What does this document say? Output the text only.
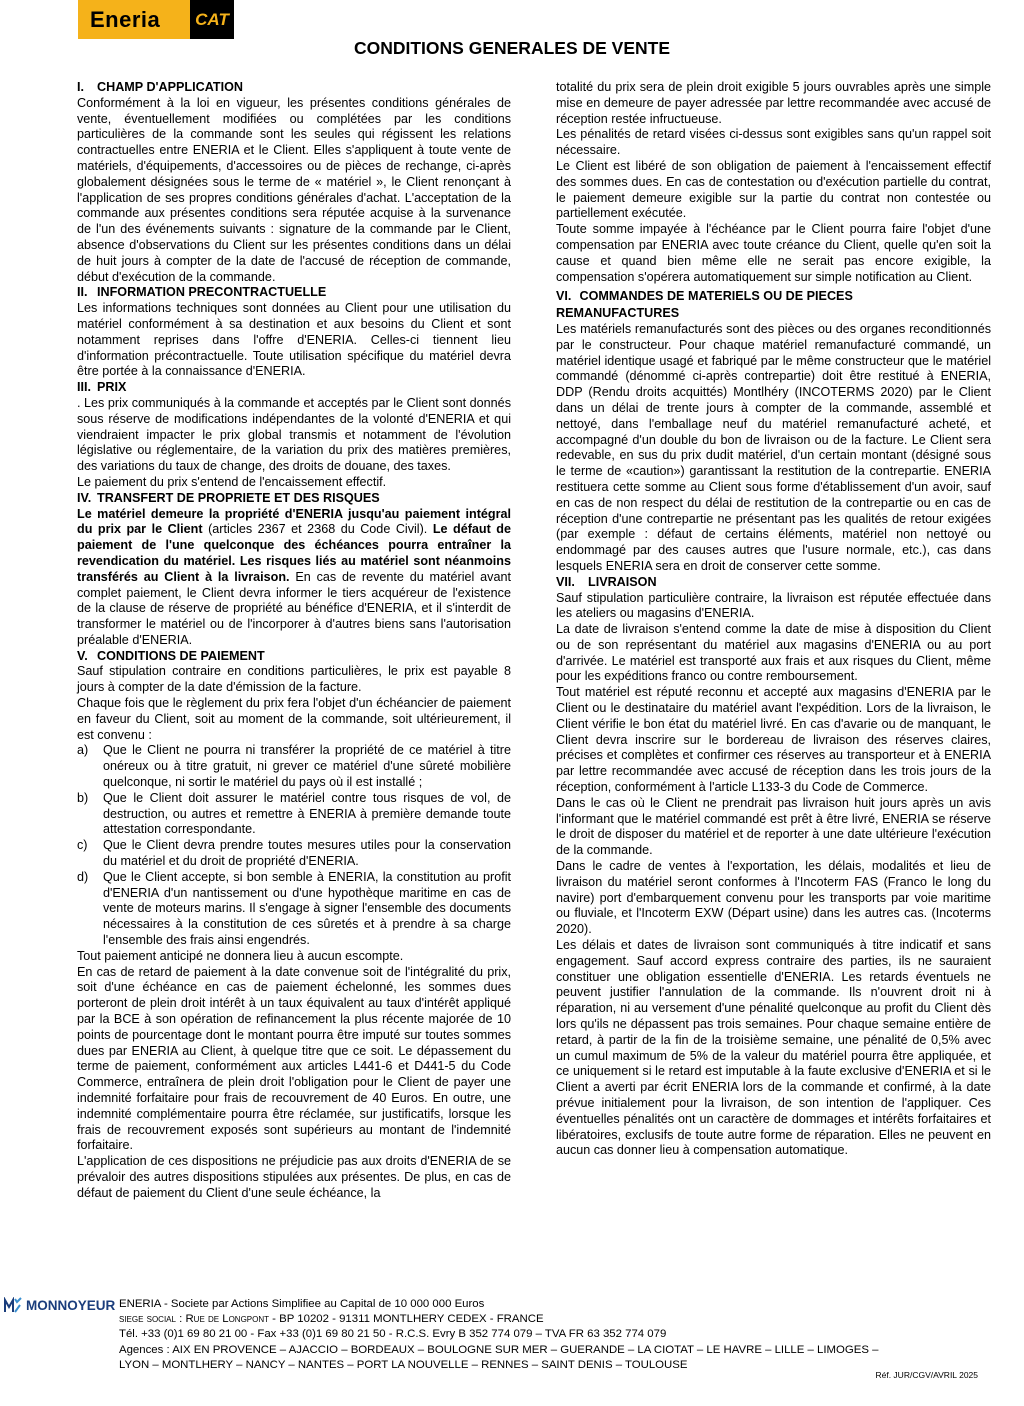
Eneria	CAT
CONDITIONS GENERALES DE VENTE
I. CHAMP D'APPLICATION

Conformément à la loi en vigueur, les présentes conditions générales de vente, éventuellement modifiées ou complétées par les conditions particulières de la commande sont les seules qui régissent les relations contractuelles entre ENERIA et le Client. Elles s'appliquent à toute vente de matériels, d'équipements, d'accessoires ou de pièces de rechange, ci-après globalement désignées sous le terme de « matériel », le Client renonçant à l'application de ses propres conditions générales d'achat. L'acceptation de la commande aux présentes conditions sera réputée acquise à la survenance de l'un des événements suivants : signature de la commande par le Client, absence d'observations du Client sur les présentes conditions dans un délai de huit jours à compter de la date de l'accusé de réception de commande, début d'exécution de la commande.

II. INFORMATION PRECONTRACTUELLE

Les informations techniques sont données au Client pour une utilisation du matériel conformément à sa destination et aux besoins du Client et sont notamment reprises dans l'offre d'ENERIA. Celles-ci tiennent lieu d'information précontractuelle. Toute utilisation spécifique du matériel devra être portée à la connaissance d'ENERIA.

III. PRIX

. Les prix communiqués à la commande et acceptés par le Client sont donnés sous réserve de modifications indépendantes de la volonté d'ENERIA et qui viendraient impacter le prix global transmis et notamment de l'évolution législative ou réglementaire, de la variation du prix des matières premières, des variations du taux de change, des droits de douane, des taxes.

Le paiement du prix s'entend de l'encaissement effectif.

IV. TRANSFERT DE PROPRIETE ET DES RISQUES

Le matériel demeure la propriété d'ENERIA jusqu'au paiement intégral du prix par le Client (articles 2367 et 2368 du Code Civil). Le défaut de paiement de l'une quelconque des échéances pourra entraîner la revendication du matériel. Les risques liés au matériel sont néanmoins transférés au Client à la livraison. En cas de revente du matériel avant complet paiement, le Client devra informer le tiers acquéreur de l'existence de la clause de réserve de propriété au bénéfice d'ENERIA, et il s'interdit de transformer le matériel ou de l'incorporer à d'autres biens sans l'autorisation préalable d'ENERIA.

V. CONDITIONS DE PAIEMENT

Sauf stipulation contraire en conditions particulières, le prix est payable 8 jours à compter de la date d'émission de la facture.

Chaque fois que le règlement du prix fera l'objet d'un échéancier de paiement en faveur du Client, soit au moment de la commande, soit ultérieurement, il est convenu :

a)	Que le Client ne pourra ni transférer la propriété de ce matériel à titre onéreux ou à titre gratuit, ni grever ce matériel d'une sûreté mobilière quelconque, ni sortir le matériel du pays où il est installé ;
b)	Que le Client doit assurer le matériel contre tous risques de vol, de destruction, ou autres et remettre à ENERIA à première demande toute attestation correspondante.
c)	Que le Client devra prendre toutes mesures utiles pour la conservation du matériel et du droit de propriété d'ENERIA.
d)	Que le Client accepte, si bon semble à ENERIA, la constitution au profit d'ENERIA d'un nantissement ou d'une hypothèque maritime en cas de vente de moteurs marins. Il s'engage à signer l'ensemble des documents nécessaires à la constitution de ces sûretés et à prendre à sa charge l'ensemble des frais ainsi engendrés.

Tout paiement anticipé ne donnera lieu à aucun escompte.

En cas de retard de paiement à la date convenue soit de l'intégralité du prix, soit d'une échéance en cas de paiement échelonné, les sommes dues porteront de plein droit intérêt à un taux équivalent au taux d'intérêt appliqué par la BCE à son opération de refinancement la plus récente majorée de 10 points de pourcentage dont le montant pourra être imputé sur toutes sommes dues par ENERIA au Client, à quelque titre que ce soit. Le dépassement du terme de paiement, conformément aux articles L441-6 et D441-5 du Code Commerce, entraînera de plein droit l'obligation pour le Client de payer une indemnité forfaitaire pour frais de recouvrement de 40 Euros. En outre, une indemnité complémentaire pourra être réclamée, sur justificatifs, lorsque les frais de recouvrement exposés sont supérieurs au montant de l'indemnité forfaitaire.

L'application de ces dispositions ne préjudicie pas aux droits d'ENERIA de se prévaloir des autres dispositions stipulées aux présentes. De plus, en cas de défaut de paiement du Client d'une seule échéance, la

totalité du prix sera de plein droit exigible 5 jours ouvrables après une simple mise en demeure de payer adressée par lettre recommandée avec accusé de réception restée infructueuse.

Les pénalités de retard visées ci-dessus sont exigibles sans qu'un rappel soit nécessaire.

Le Client est libéré de son obligation de paiement à l'encaissement effectif des sommes dues. En cas de contestation ou d'exécution partielle du contrat, le paiement demeure exigible sur la partie du contrat non contestée ou partiellement exécutée.

Toute somme impayée à l'échéance par le Client pourra faire l'objet d'une compensation par ENERIA avec toute créance du Client, quelle qu'en soit la cause et quand bien même elle ne serait pas encore exigible, la compensation s'opérera automatiquement sur simple notification au Client.

VI. COMMANDES DE MATERIELS OU DE PIECES
REMANUFACTURES

Les matériels remanufacturés sont des pièces ou des organes reconditionnés par le constructeur. Pour chaque matériel remanufacturé commandé, un matériel identique usagé et fabriqué par le même constructeur que le matériel commandé (dénommé ci-après contrepartie) doit être restitué à ENERIA, DDP (Rendu droits acquittés) Montlhéry (INCOTERMS 2020) par le Client dans un délai de trente jours à compter de la commande, assemblé et nettoyé, dans l'emballage neuf du matériel remanufacturé acheté, et accompagné d'un double du bon de livraison ou de la facture. Le Client sera redevable, en sus du prix dudit matériel, d'un certain montant (désigné sous le terme de «caution») garantissant la restitution de la contrepartie. ENERIA restituera cette somme au Client sous forme d'établissement d'un avoir, sauf en cas de non respect du délai de restitution de la contrepartie ou en cas de réception d'une contrepartie ne présentant pas les qualités de retour exigées (par exemple : défaut de certains éléments, matériel non nettoyé ou endommagé par des causes autres que l'usure normale, etc.), cas dans lesquels ENERIA sera en droit de conserver cette somme.

VII. LIVRAISON

Sauf stipulation particulière contraire, la livraison est réputée effectuée dans les ateliers ou magasins d'ENERIA.

La date de livraison s'entend comme la date de mise à disposition du Client ou de son représentant du matériel aux magasins d'ENERIA ou au port d'arrivée. Le matériel est transporté aux frais et aux risques du Client, même pour les expéditions franco ou contre remboursement.

Tout matériel est réputé reconnu et accepté aux magasins d'ENERIA par le Client ou le destinataire du matériel avant l'expédition. Lors de la livraison, le Client vérifie le bon état du matériel livré. En cas d'avarie ou de manquant, le Client devra inscrire sur le bordereau de livraison des réserves claires, précises et complètes et confirmer ces réserves au transporteur et à ENERIA par lettre recommandée avec accusé de réception dans les trois jours de la réception, conformément à l'article L133-3 du Code de Commerce.

Dans le cas où le Client ne prendrait pas livraison huit jours après un avis l'informant que le matériel commandé est prêt à être livré, ENERIA se réserve le droit de disposer du matériel et de reporter à une date ultérieure l'exécution de la commande.

Dans le cadre de ventes à l'exportation, les délais, modalités et lieu de livraison du matériel seront conformes à l'Incoterm FAS (Franco le long du navire) port d'embarquement convenu pour les transports par voie maritime ou fluviale, et l'Incoterm EXW (Départ usine) dans les autres cas. (Incoterms 2020).

Les délais et dates de livraison sont communiqués à titre indicatif et sans engagement. Sauf accord express contraire des parties, ils ne sauraient constituer une obligation essentielle d'ENERIA. Les retards éventuels ne peuvent justifier l'annulation de la commande. Ils n'ouvrent droit ni à réparation, ni au versement d'une pénalité quelconque au profit du Client dès lors qu'ils ne dépassent pas trois semaines. Pour chaque semaine entière de retard, à partir de la fin de la troisième semaine, une pénalité de 0,5% avec un cumul maximum de 5% de la valeur du matériel pourra être appliquée, et ce uniquement si le retard est imputable à la faute exclusive d'ENERIA et si le Client a averti par écrit ENERIA lors de la commande et confirmé, à la date prévue initialement pour la livraison, de son intention de l'appliquer. Ces éventuelles pénalités ont un caractère de dommages et intérêts forfaitaires et libératoires, exclusifs de toute autre forme de réparation. Elles ne peuvent en aucun cas donner lieu à compensation automatique.

MONNOYEUR ENERIA - Societe par Actions Simplifiee au Capital de 10 000 000 Euros
siege social : Rue de Longpont - BP 10202 - 91311 MONTLHERY CEDEX - FRANCE
Tél. +33 (0)1 69 80 21 00 - Fax +33 (0)1 69 80 21 50 - R.C.S. Evry B 352 774 079 – TVA FR 63 352 774 079
Agences : AIX EN PROVENCE – AJACCIO – BORDEAUX – BOULOGNE SUR MER – GUERANDE – LA CIOTAT – LE HAVRE – LILLE – LIMOGES –
LYON – MONTLHERY – NANCY – NANTES – PORT LA NOUVELLE – RENNES – SAINT DENIS – TOULOUSE
Réf. JUR/CGV/AVRIL 2025
